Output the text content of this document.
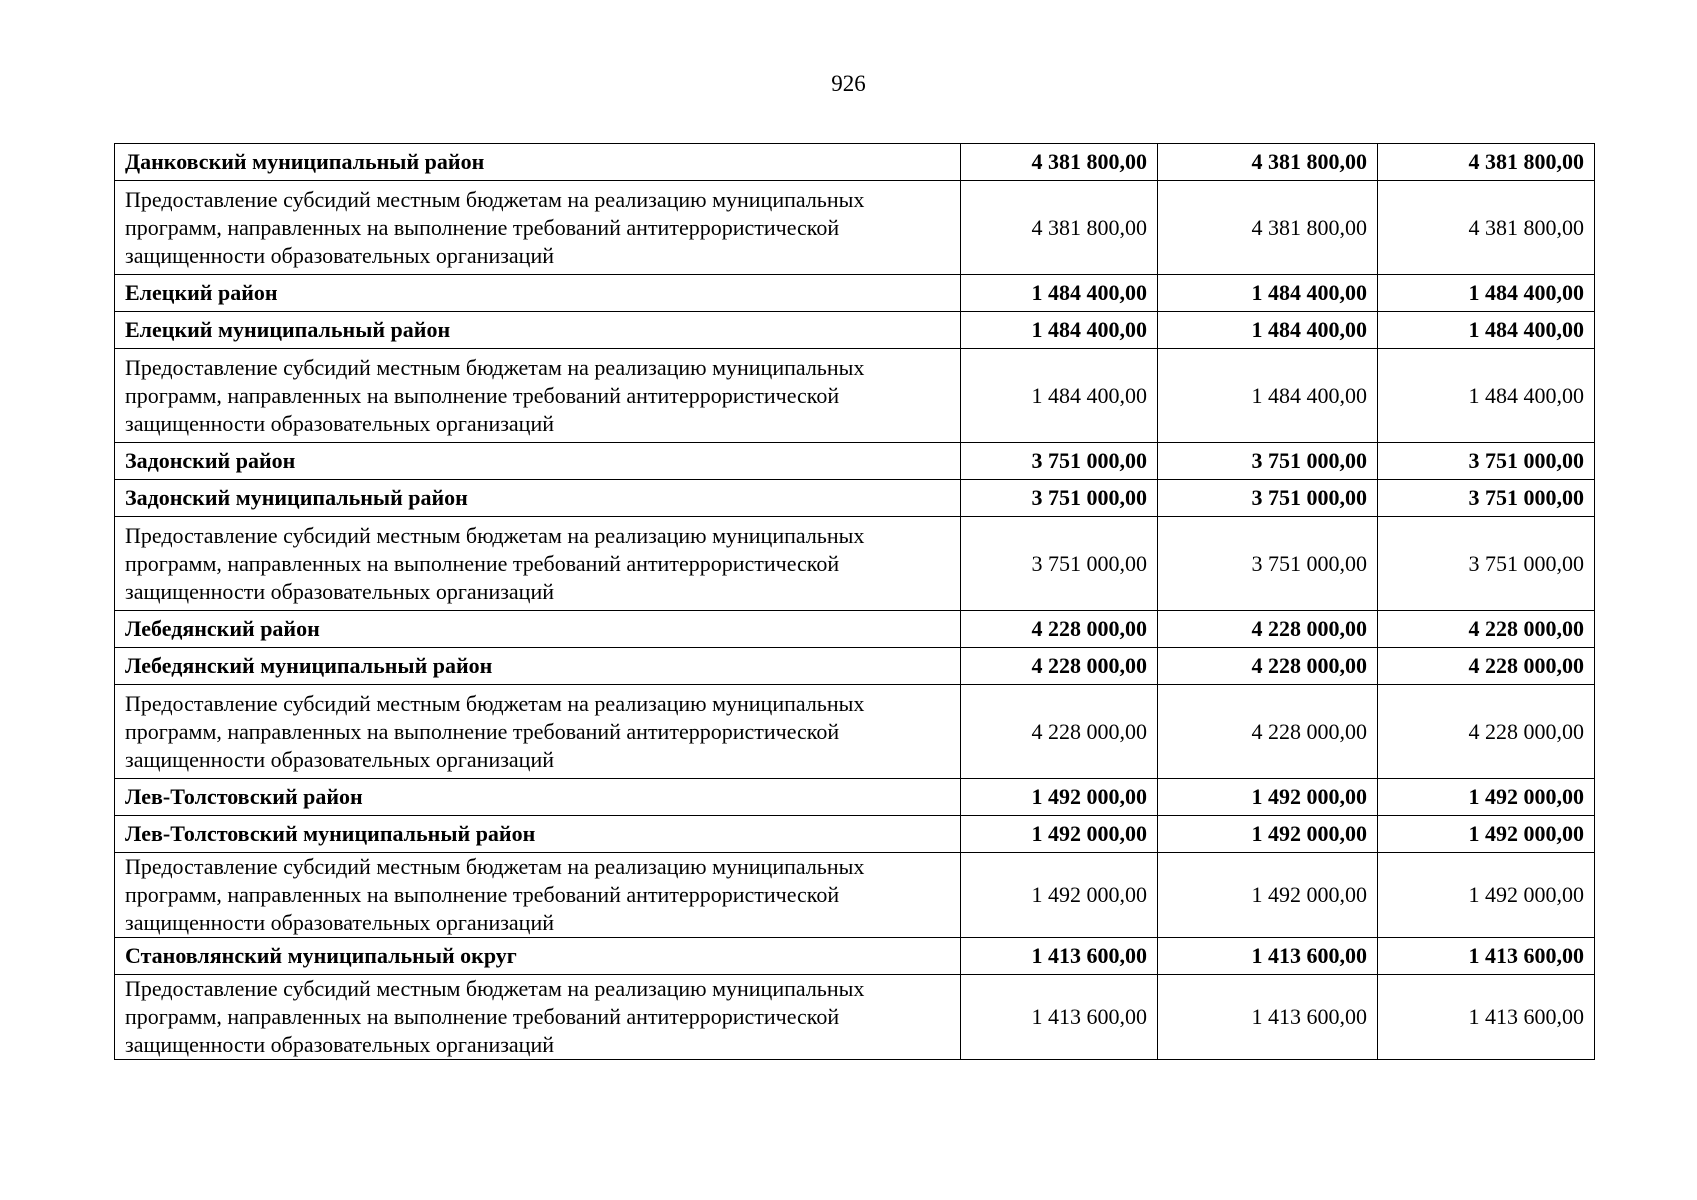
926
Данковский муниципальный район	4 381 800,00	4 381 800,00	4 381 800,00
Предоставление субсидий местным бюджетам на реализацию муниципальных программ, направленных на выполнение требований антитеррористической защищенности образовательных организаций	4 381 800,00	4 381 800,00	4 381 800,00
Елецкий район	1 484 400,00	1 484 400,00	1 484 400,00
Елецкий муниципальный район	1 484 400,00	1 484 400,00	1 484 400,00
Предоставление субсидий местным бюджетам на реализацию муниципальных программ, направленных на выполнение требований антитеррористической защищенности образовательных организаций	1 484 400,00	1 484 400,00	1 484 400,00
Задонский район	3 751 000,00	3 751 000,00	3 751 000,00
Задонский муниципальный район	3 751 000,00	3 751 000,00	3 751 000,00
Предоставление субсидий местным бюджетам на реализацию муниципальных программ, направленных на выполнение требований антитеррористической защищенности образовательных организаций	3 751 000,00	3 751 000,00	3 751 000,00
Лебедянский район	4 228 000,00	4 228 000,00	4 228 000,00
Лебедянский муниципальный район	4 228 000,00	4 228 000,00	4 228 000,00
Предоставление субсидий местным бюджетам на реализацию муниципальных программ, направленных на выполнение требований антитеррористической защищенности образовательных организаций	4 228 000,00	4 228 000,00	4 228 000,00
Лев-Толстовский район	1 492 000,00	1 492 000,00	1 492 000,00
Лев-Толстовский муниципальный район	1 492 000,00	1 492 000,00	1 492 000,00
Предоставление субсидий местным бюджетам на реализацию муниципальных программ, направленных на выполнение требований антитеррористической защищенности образовательных организаций	1 492 000,00	1 492 000,00	1 492 000,00
Становлянский муниципальный округ	1 413 600,00	1 413 600,00	1 413 600,00
Предоставление субсидий местным бюджетам на реализацию муниципальных программ, направленных на выполнение требований антитеррористической защищенности образовательных организаций	1 413 600,00	1 413 600,00	1 413 600,00
